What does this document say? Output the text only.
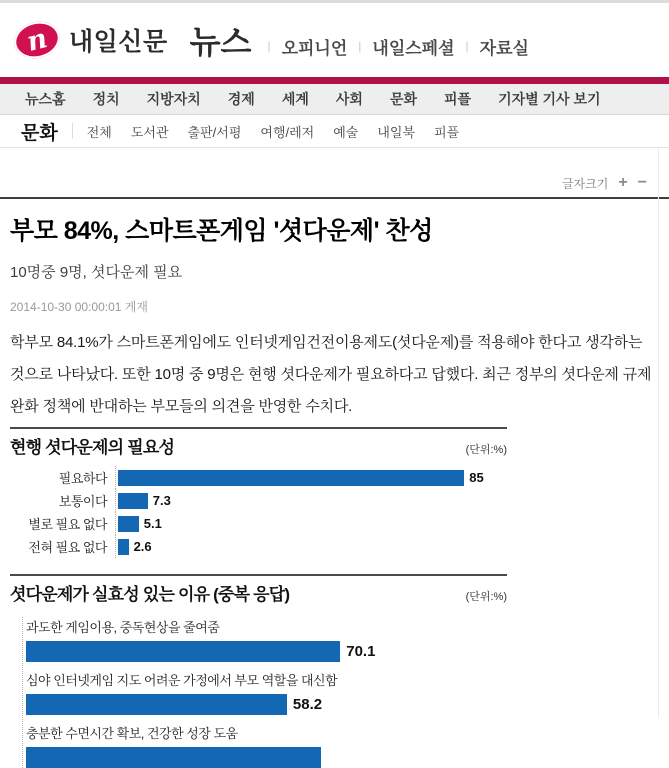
n 내일신문 뉴스 | 오피니언 | 내일스페셜 | 자료실
뉴스홈 정치 지방자치 경제 세계 사회 문화 피플 기자별 기사 보기
문화 전체 도서관 출판/서평 여행/레저 예술 내일북 피플
글자크기 + −
부모 84%, 스마트폰게임 '셧다운제' 찬성
10명중 9명, 셧다운제 필요
2014-10-30 00:00:01 게재

학부모 84.1%가 스마트폰게임에도 인터넷게임건전이용제도(셧다운제)를 적용해야 한다고 생각하는 것으로 나타났다. 또한 10명 중 9명은 현행 셧다운제가 필요하다고 답했다. 최근 정부의 셧다운제 규제완화 정책에 반대하는 부모들의 의견을 반영한 수치다.

현행 셧다운제의 필요성	(단위:%)
필요하다	85
보통이다	7.3
별로 필요 없다	5.1
전혀 필요 없다	2.6
셧다운제가 실효성 있는 이유 (중복 응답)	(단위:%)
과도한 게임이용, 중독현상을 줄여줌
70.1
심야 인터넷게임 지도 어려운 가정에서 부모 역할을 대신함
58.2
충분한 수면시간 확보, 건강한 성장 도움
